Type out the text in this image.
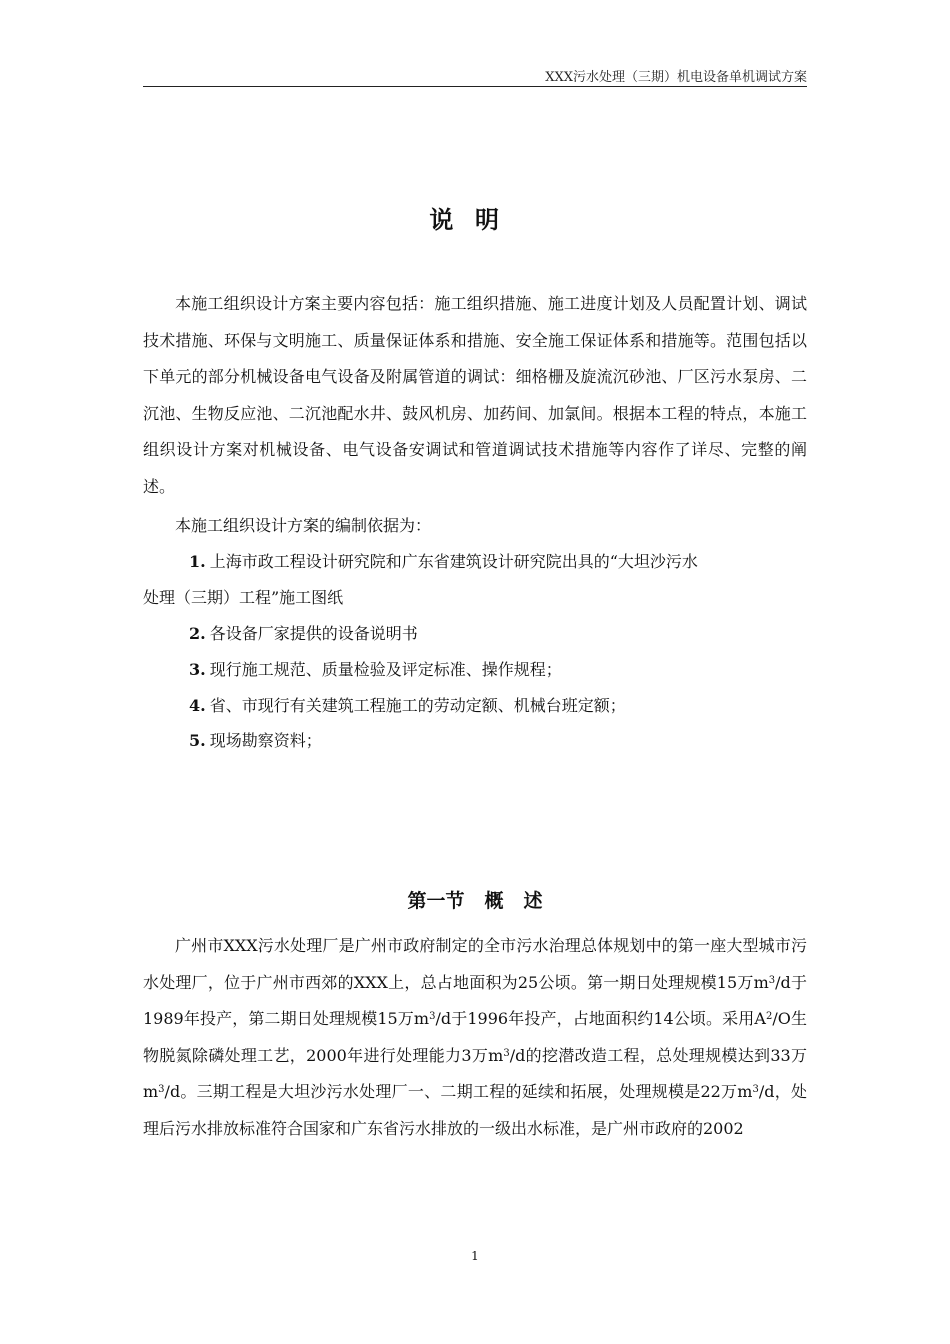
XXX污水处理（三期）机电设备单机调试方案
说明

本施工组织设计方案主要内容包括：施工组织措施、施工进度计划及人员配置计划、调试技术措施、环保与文明施工、质量保证体系和措施、安全施工保证体系和措施等。范围包括以下单元的部分机械设备电气设备及附属管道的调试：细格栅及旋流沉砂池、厂区污水泵房、二沉池、生物反应池、二沉池配水井、鼓风机房、加药间、加氯间。根据本工程的特点，本施工组织设计方案对机械设备、电气设备安调试和管道调试技术措施等内容作了详尽、完整的阐述。

本施工组织设计方案的编制依据为：

1. 上海市政工程设计研究院和广东省建筑设计研究院出具的“大坦沙污水
处理（三期）工程”施工图纸
2. 各设备厂家提供的设备说明书
3. 现行施工规范、质量检验及评定标准、操作规程；
4. 省、市现行有关建筑工程施工的劳动定额、机械台班定额；
5. 现场勘察资料；
第一节 概 述

广州市XXX污水处理厂是广州市政府制定的全市污水治理总体规划中的第一座大型城市污水处理厂，位于广州市西郊的XXX上，总占地面积为25公顷。第一期日处理规模15万$m^3/d$于1989年投产，第二期日处理规模15万$m^3/d$于1996年投产，占地面积约14公顷。采用$A^2/O$生物脱氮除磷处理工艺，2000年进行处理能力3万$m^3/d$的挖潜改造工程，总处理规模达到33万$m^3/d$。三期工程是大坦沙污水处理厂一、二期工程的延续和拓展，处理规模是22万$m^3/d$，处理后污水排放标准符合国家和广东省污水排放的一级出水标准，是广州市政府的2002

1
